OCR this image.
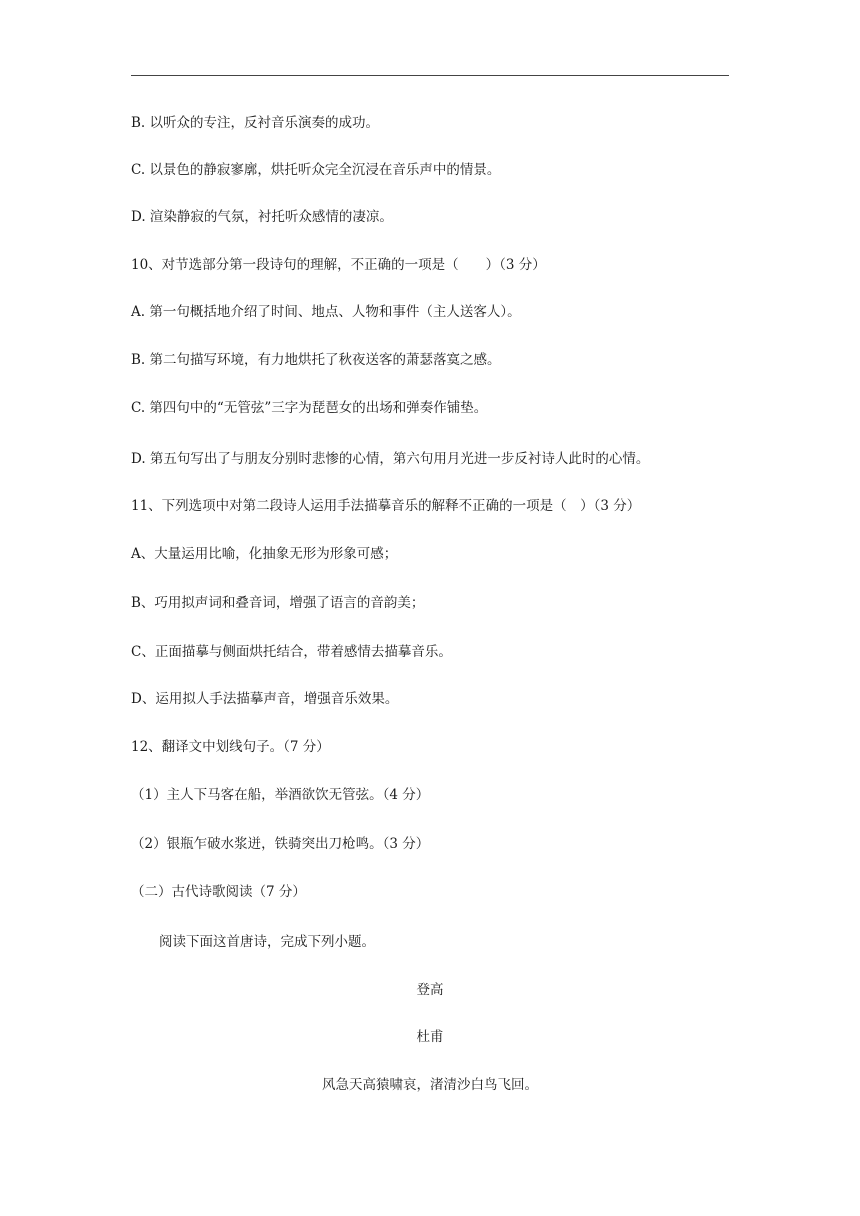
B. 以听众的专注，反衬音乐演奏的成功。
C. 以景色的静寂寥廓，烘托听众完全沉浸在音乐声中的情景。
D. 渲染静寂的气氛，衬托听众感情的凄凉。
10、对节选部分第一段诗句的理解，不正确的一项是（　　）（3 分）
A. 第一句概括地介绍了时间、地点、人物和事件（主人送客人）。
B. 第二句描写环境，有力地烘托了秋夜送客的萧瑟落寞之感。
C. 第四句中的“无管弦”三字为琵琶女的出场和弹奏作铺垫。
D. 第五句写出了与朋友分别时悲惨的心情，第六句用月光进一步反衬诗人此时的心情。
11、下列选项中对第二段诗人运用手法描摹音乐的解释不正确的一项是（　）（3 分）
A、大量运用比喻，化抽象无形为形象可感；
B、巧用拟声词和叠音词，增强了语言的音韵美；
C、正面描摹与侧面烘托结合，带着感情去描摹音乐。
D、运用拟人手法描摹声音，增强音乐效果。
12、翻译文中划线句子。（7 分）
（1）主人下马客在船，举酒欲饮无管弦。（4 分）
（2）银瓶乍破水浆迸，铁骑突出刀枪鸣。（3 分）
（二）古代诗歌阅读（7 分）
阅读下面这首唐诗，完成下列小题。
登高
杜甫
风急天高猿啸哀，渚清沙白鸟飞回。
